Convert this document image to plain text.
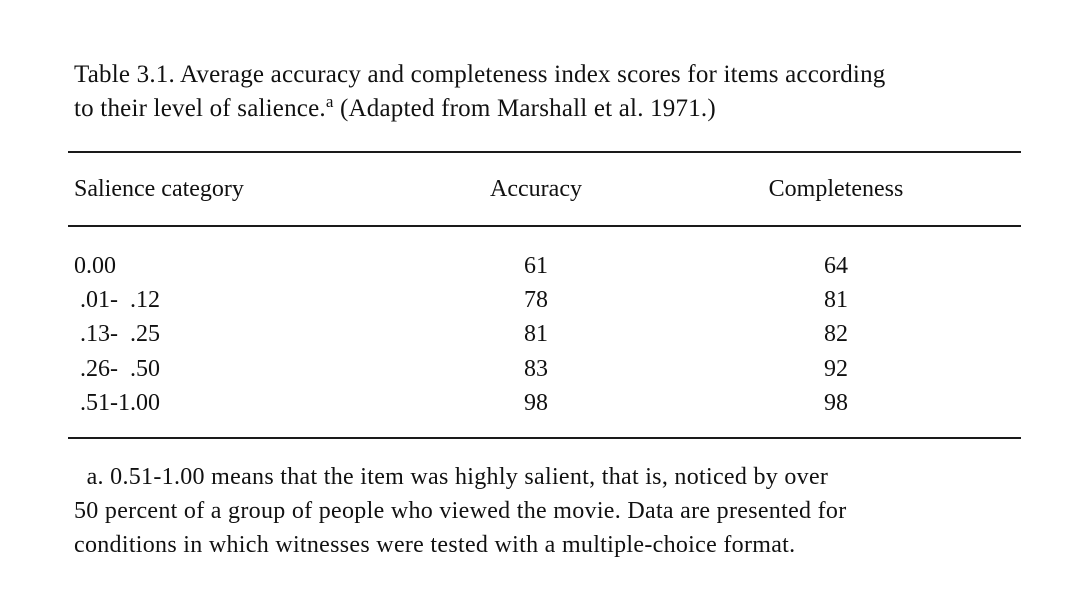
Table 3.1. Average accuracy and completeness index scores for items according
to their level of salience.$^a$ (Adapted from Marshall et al. 1971.)
Salience category	Accuracy	Completeness
0.00	61	64
.01-  .12	78	81
.13-  .25	81	82
.26-  .50	83	92
.51-1.00	98	98
a. 0.51-1.00 means that the item was highly salient, that is, noticed by over
50 percent of a group of people who viewed the movie. Data are presented for
conditions in which witnesses were tested with a multiple-choice format.
